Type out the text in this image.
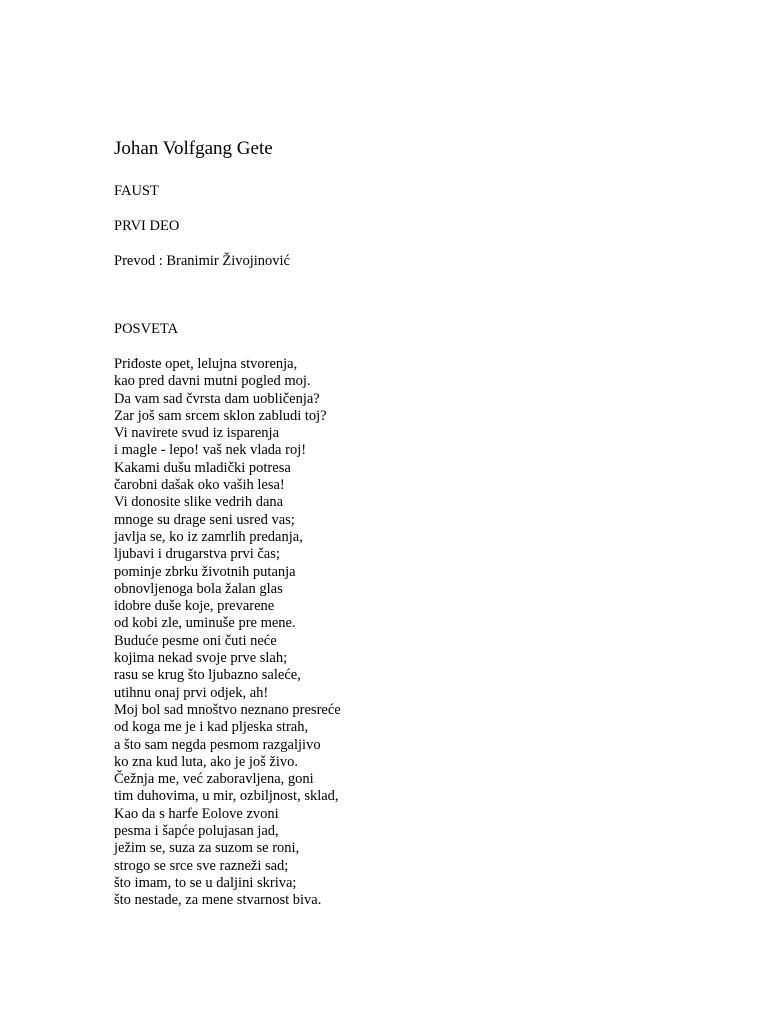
Johan Volfgang Gete

FAUST

PRVI DEO

Prevod : Branimir Živojinović

POSVETA

Priđoste opet, lelujna stvorenja,
kao pred davni mutni pogled moj.
Da vam sad čvrsta dam uobličenja?
Zar još sam srcem sklon zabludi toj?
Vi navirete svud iz isparenja
i magle - lepo! vaš nek vlada roj!
Kakami dušu mladički potresa
čarobni dašak oko vaših lesa!
Vi donosite slike vedrih dana
mnoge su drage seni usred vas;
javlja se, ko iz zamrlih predanja,
ljubavi i drugarstva prvi čas;
pominje zbrku životnih putanja
obnovljenoga bola žalan glas
idobre duše koje, prevarene
od kobi zle, uminuše pre mene.
Buduće pesme oni čuti neće
kojima nekad svoje prve slah;
rasu se krug što ljubazno saleće,
utihnu onaj prvi odjek, ah!
Moj bol sad mnoštvo neznano presreće
od koga me je i kad pljeska strah,
a što sam negda pesmom razgaljivo
ko zna kud luta, ako je još živo.
Čežnja me, već zaboravljena, goni
tim duhovima, u mir, ozbiljnost, sklad,
Kao da s harfe Eolove zvoni
pesma i šapće polujasan jad,
ježim se, suza za suzom se roni,
strogo se srce sve razneži sad;
što imam, to se u daljini skriva;
što nestade, za mene stvarnost biva.
